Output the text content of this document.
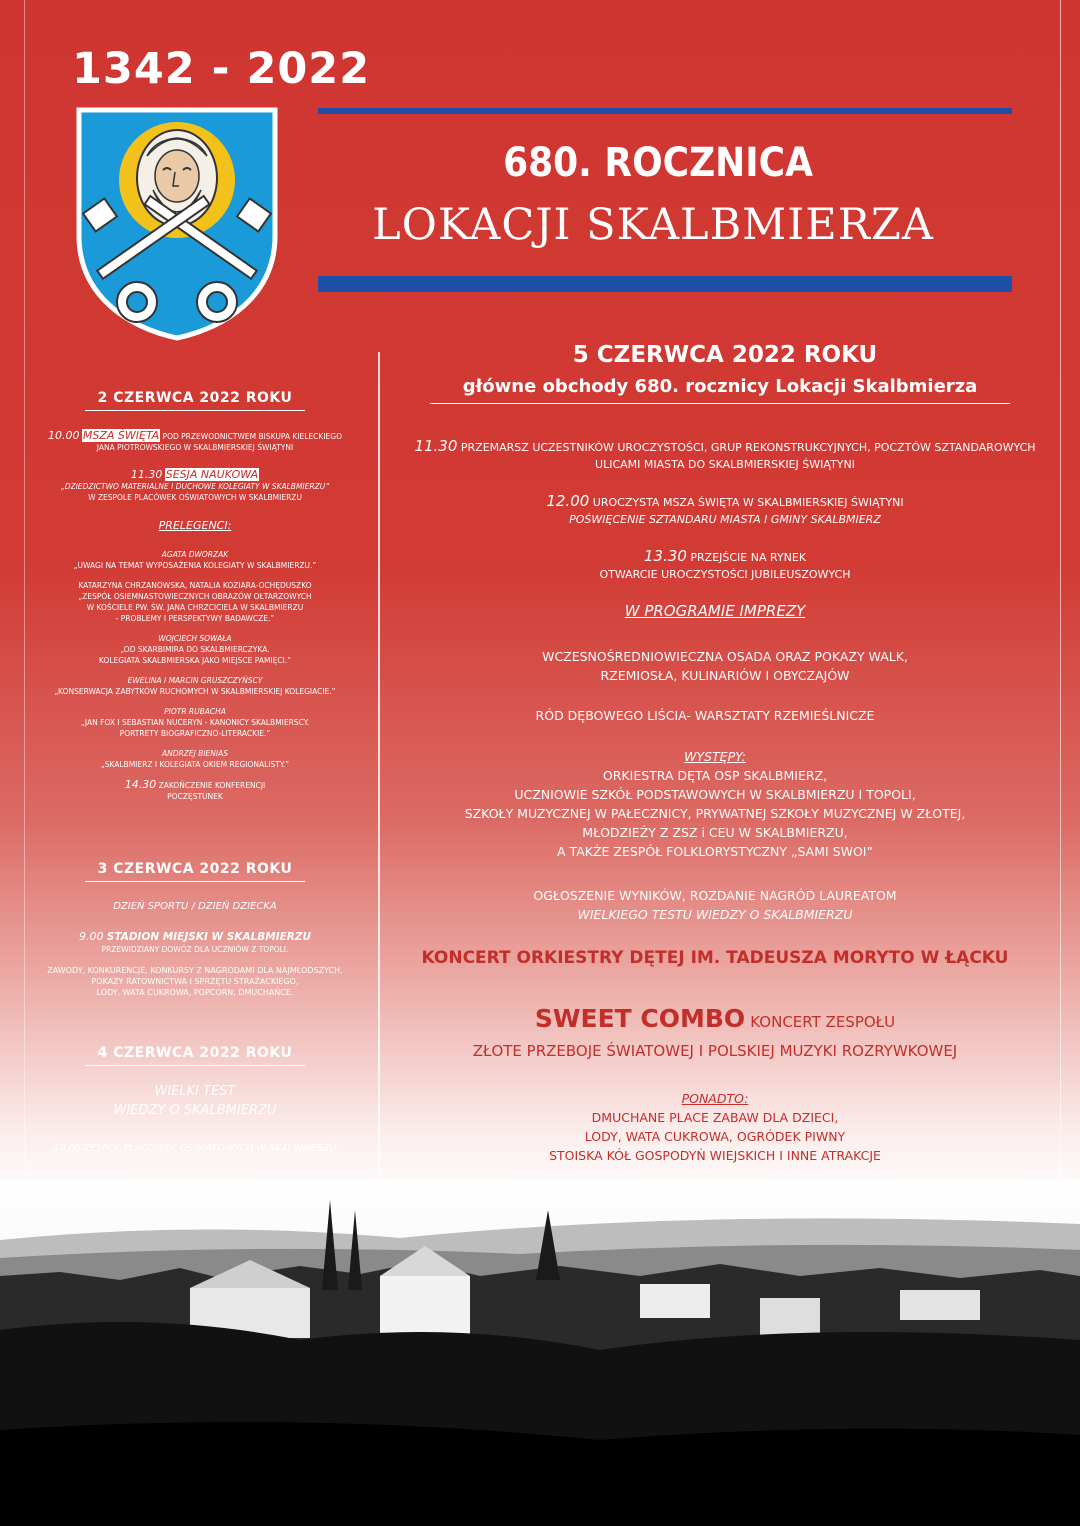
1342 - 2022
680. ROCZNICA
LOKACJI SKALBMIERZA
2 CZERWCA 2022 ROKU
10.00 MSZA ŚWIĘTA POD PRZEWODNICTWEM BISKUPA KIELECKIEGO
JANA PIOTROWSKIEGO W SKALBMIERSKIEJ ŚWIĄTYNI
11.30 SESJA NAUKOWA
„DZIEDZICTWO MATERIALNE I DUCHOWE KOLEGIATY W SKALBMIERZU”
W ZESPOLE PLACÓWEK OŚWIATOWYCH W SKALBMIERZU
PRELEGENCI:
AGATA DWORZAK
„UWAGI NA TEMAT WYPOSAŻENIA KOLEGIATY W SKALBMIERZU.”
KATARZYNA CHRZANOWSKA, NATALIA KOZIARA-OCHĘDUSZKO
„ZESPÓŁ OSIEMNASTOWIECZNYCH OBRAZÓW OŁTARZOWYCH
W KOŚCIELE PW. ŚW. JANA CHRZCICIELA W SKALBMIERZU
- PROBLEMY I PERSPEKTYWY BADAWCZE.”
WOJCIECH SOWAŁA
„OD SKARBIMIRA DO SKALBMIERCZYKA.
KOLEGIATA SKALBMIERSKA JAKO MIEJSCE PAMIĘCI.”
EWELINA I MARCIN GRUSZCZYŃSCY
„KONSERWACJA ZABYTKÓW RUCHOMYCH W SKALBMIERSKIEJ KOLEGIACIE.”
PIOTR RUBACHA
„JAN FOX I SEBASTIAN NUCERYN - KANONICY SKALBMIERSCY.
PORTRETY BIOGRAFICZNO-LITERACKIE.”
ANDRZEJ BIENIAS
„SKALBMIERZ I KOLEGIATA OKIEM REGIONALISTY.”
14.30 ZAKOŃCZENIE KONFERENCJI
POCZĘSTUNEK
3 CZERWCA 2022 ROKU
DZIEŃ SPORTU / DZIEŃ DZIECKA
9.00 STADION MIEJSKI W SKALBMIERZU
PRZEWIDZIANY DOWÓZ DLA UCZNIÓW Z TOPOLI.
ZAWODY, KONKURENCJE, KONKURSY Z NAGRODAMI DLA NAJMŁODSZYCH,
POKAZY RATOWNICTWA I SPRZĘTU STRAŻACKIEGO,
LODY, WATA CUKROWA, POPCORN, DMUCHAŃCE.
4 CZERWCA 2022 ROKU
WIELKI TEST
WIEDZY O SKALBMIERZU
10.00 ZESPÓŁ PLACÓWEK OŚWIATOWYCH W SKALBMIERZU
5 CZERWCA 2022 ROKU
główne obchody 680. rocznicy Lokacji Skalbmierza
11.30 PRZEMARSZ UCZESTNIKÓW UROCZYSTOŚCI, GRUP REKONSTRUKCYJNYCH, POCZTÓW SZTANDAROWYCH
ULICAMI MIASTA DO SKALBMIERSKIEJ ŚWIĄTYNI
12.00 UROCZYSTA MSZA ŚWIĘTA W SKALBMIERSKIEJ ŚWIĄTYNI
POŚWIĘCENIE SZTANDARU MIASTA I GMINY SKALBMIERZ
13.30 PRZEJŚCIE NA RYNEK
OTWARCIE UROCZYSTOŚCI JUBILEUSZOWYCH
W PROGRAMIE IMPREZY
WCZESNOŚREDNIOWIECZNA OSADA ORAZ POKAZY WALK,
RZEMIOSŁA, KULINARIÓW I OBYCZAJÓW
RÓD DĘBOWEGO LIŚCIA- WARSZTATY RZEMIEŚLNICZE
WYSTĘPY:
ORKIESTRA DĘTA OSP SKALBMIERZ,
UCZNIOWIE SZKÓŁ PODSTAWOWYCH W SKALBMIERZU I TOPOLI,
SZKOŁY MUZYCZNEJ W PAŁECZNICY, PRYWATNEJ SZKOŁY MUZYCZNEJ W ZŁOTEJ,
MŁODZIEŻY Z ZSZ i CEU W SKALBMIERZU,
A TAKŻE ZESPÓŁ FOLKLORYSTYCZNY „SAMI SWOI”
OGŁOSZENIE WYNIKÓW, ROZDANIE NAGRÓD LAUREATOM
WIELKIEGO TESTU WIEDZY O SKALBMIERZU
KONCERT ORKIESTRY DĘTEJ IM. TADEUSZA MORYTO W ŁĄCKU
SWEET COMBO KONCERT ZESPOŁU
ZŁOTE PRZEBOJE ŚWIATOWEJ I POLSKIEJ MUZYKI ROZRYWKOWEJ
PONADTO:
DMUCHANE PLACE ZABAW DLA DZIECI,
LODY, WATA CUKROWA, OGRÓDEK PIWNY
STOISKA KÓŁ GOSPODYŃ WIEJSKICH I INNE ATRAKCJE
